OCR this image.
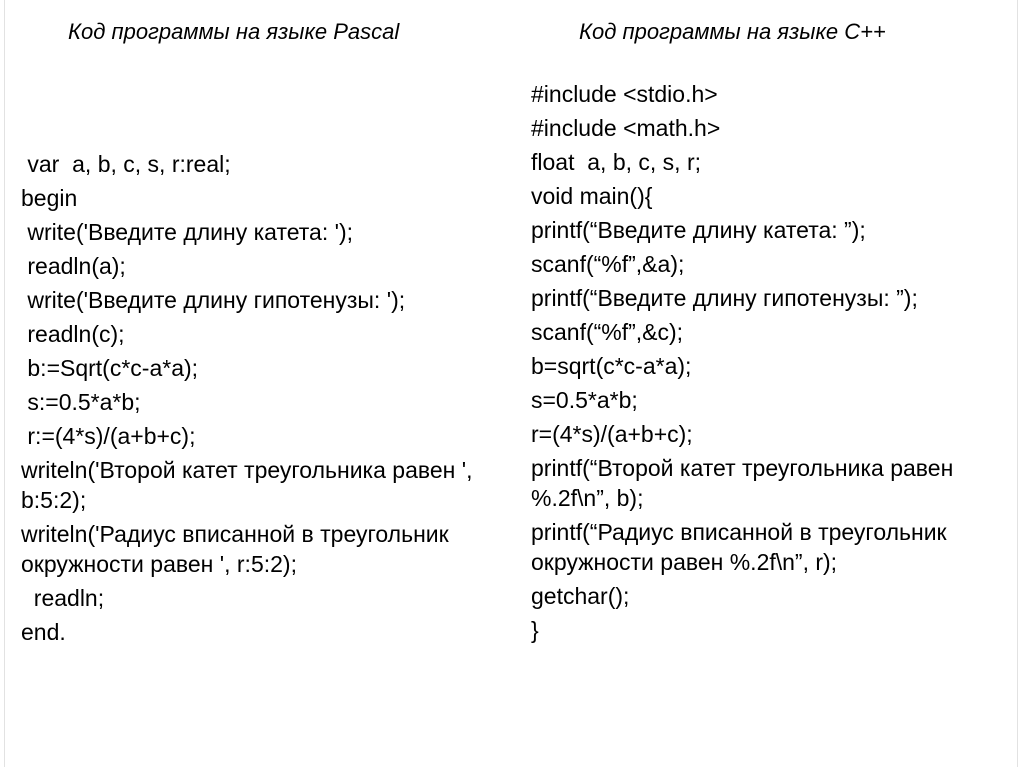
Код программы на языке Pascal	Код программы на языке С++
var  a, b, c, s, r:real;
begin
write('Введите длину катета: ');
readln(a);
write('Введите длину гипотенузы: ');
readln(c);
b:=Sqrt(c*c-a*a);
s:=0.5*a*b;
r:=(4*s)/(a+b+c);
writeln('Второй катет треугольника равен ', b:5:2);
writeln('Радиус вписанной в треугольник окружности равен ', r:5:2);
readln;
end.
#include <stdio.h>
#include <math.h>
float  a, b, c, s, r;
void main(){
printf(“Введите длину катета: ”);
scanf(“%f”,&a);
printf(“Введите длину гипотенузы: ”);
scanf(“%f”,&c);
b=sqrt(c*c-a*a);
s=0.5*a*b;
r=(4*s)/(a+b+c);
printf(“Второй катет треугольника равен %.2f\n”, b);
printf(“Радиус вписанной в треугольник окружности равен %.2f\n”, r);
getchar();
}
